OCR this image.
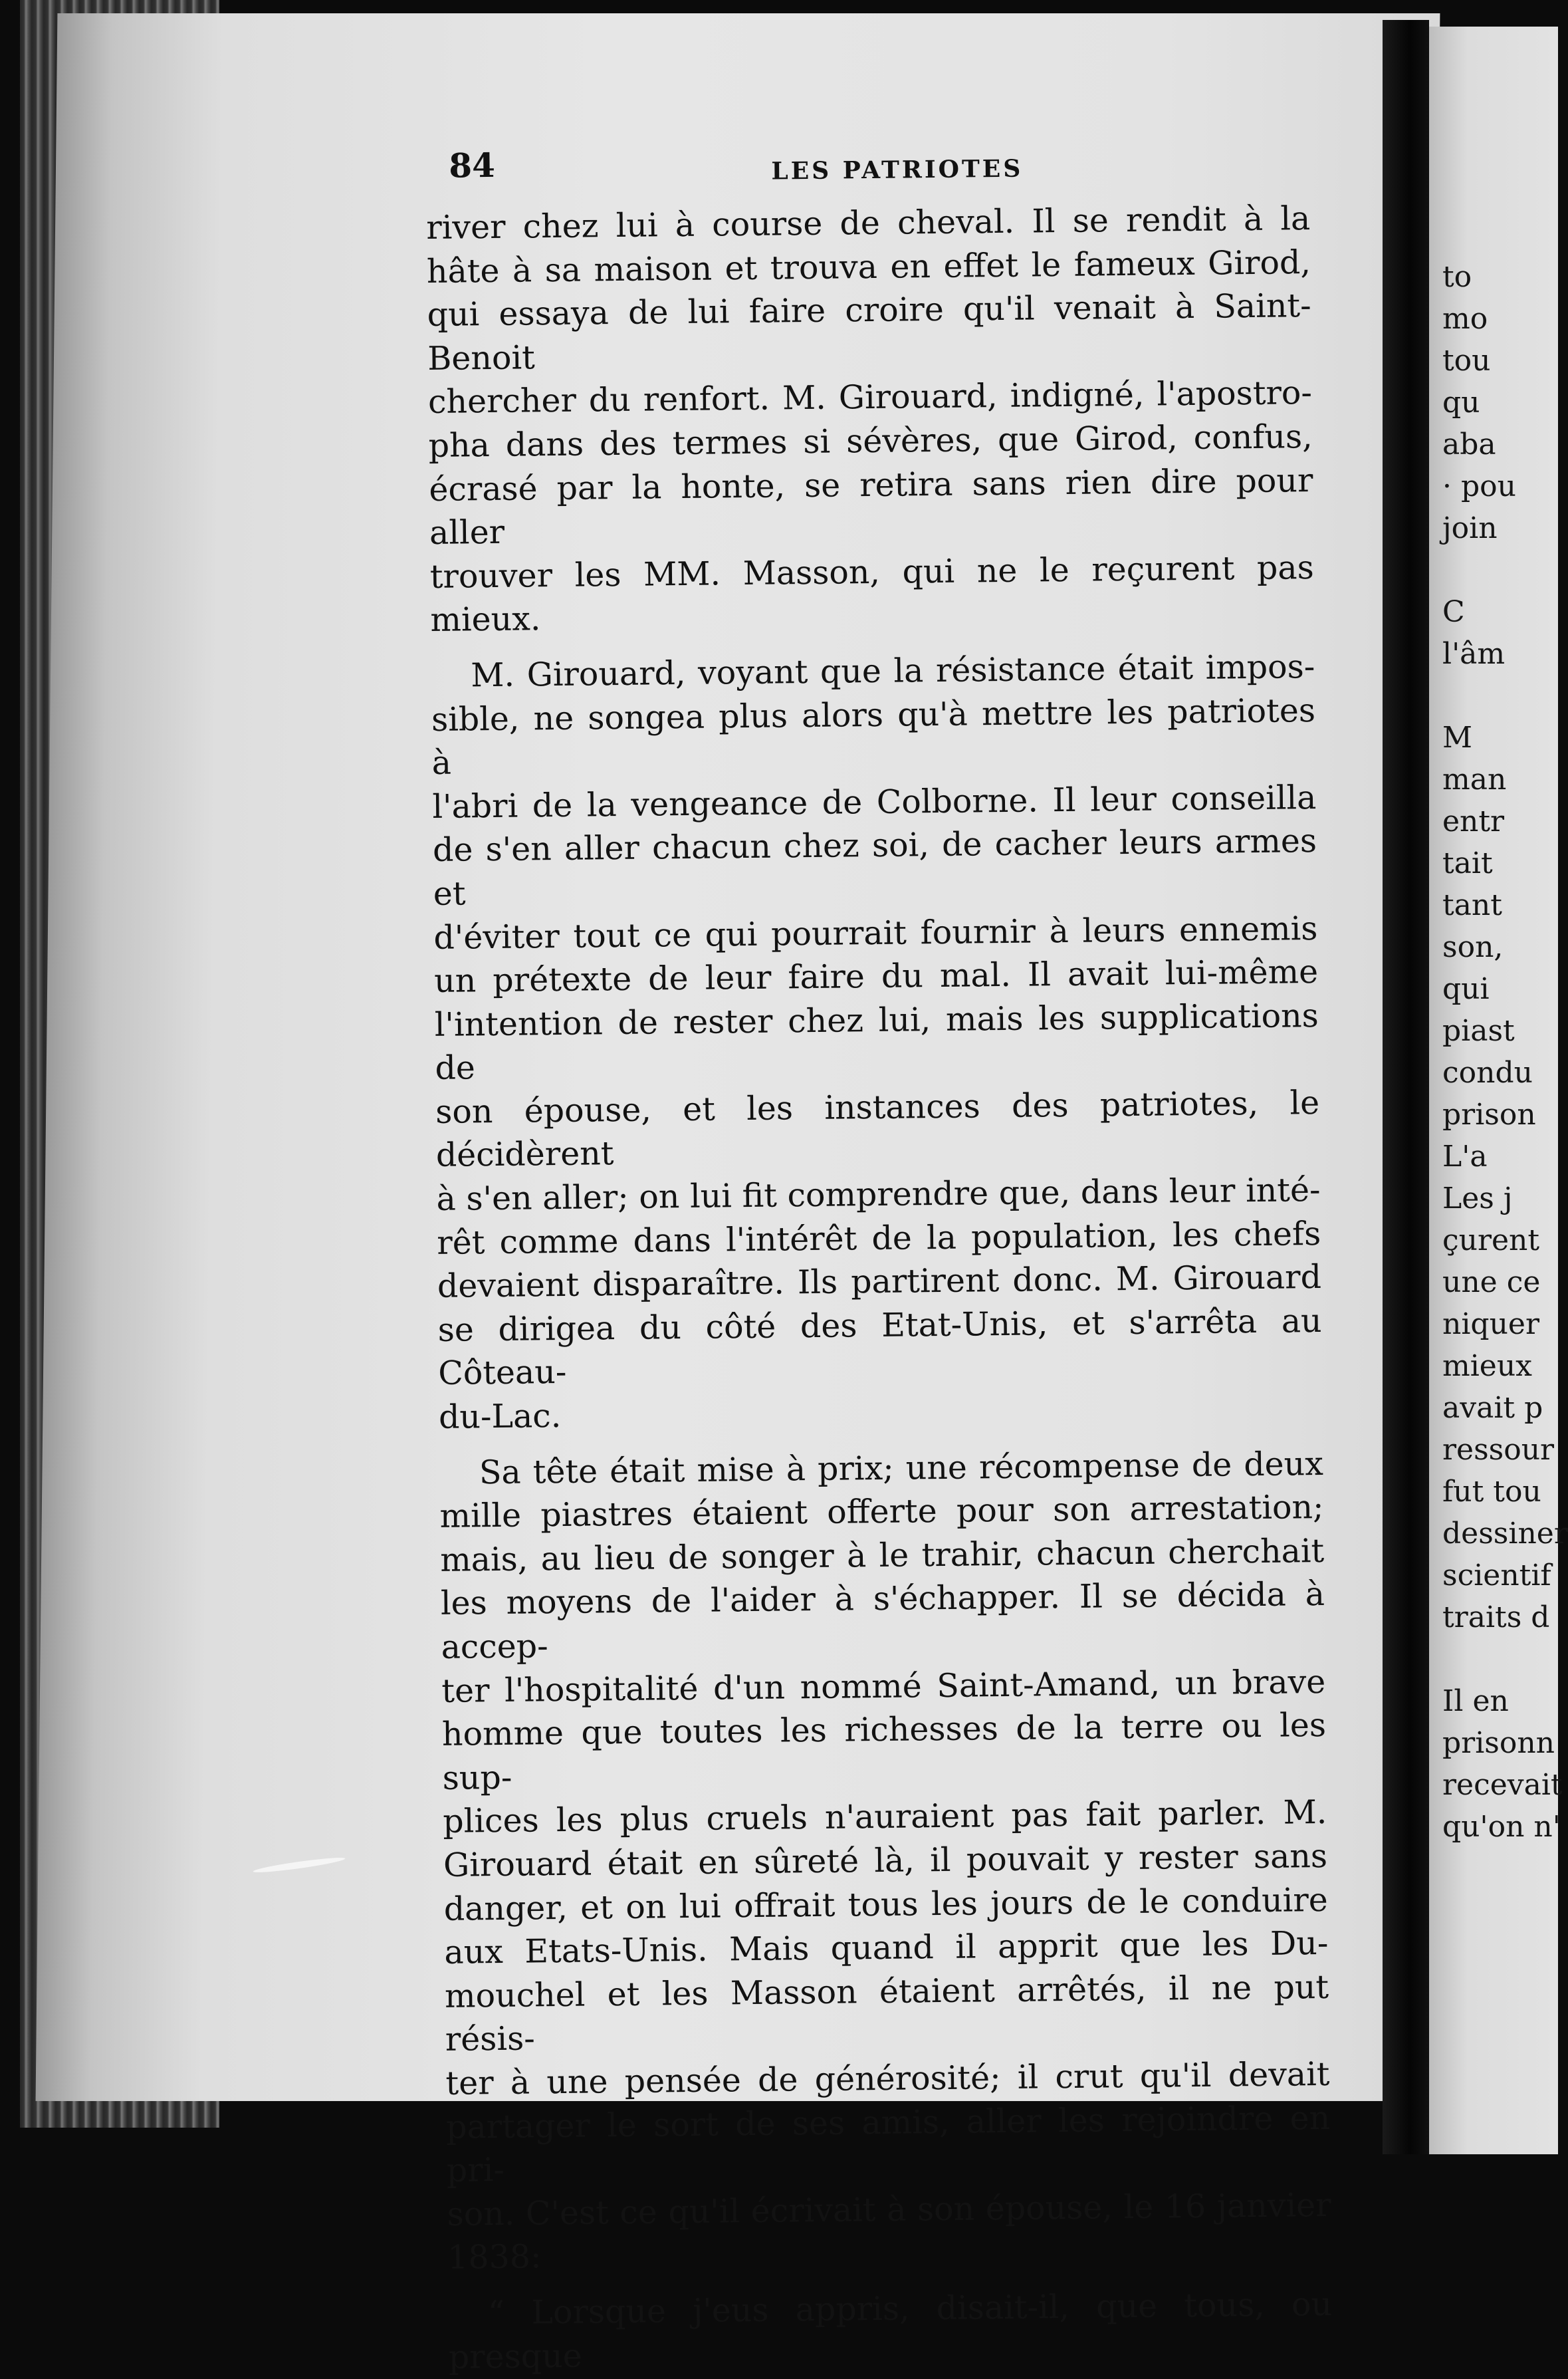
84	LES PATRIOTES

river chez lui à course de cheval. Il se rendit à la
hâte à sa maison et trouva en effet le fameux Girod,
qui essaya de lui faire croire qu'il venait à Saint-Benoit
chercher du renfort. M. Girouard, indigné, l'apostro-
pha dans des termes si sévères, que Girod, confus,
écrasé par la honte, se retira sans rien dire pour aller
trouver les MM. Masson, qui ne le reçurent pas mieux.

M. Girouard, voyant que la résistance était impos-
sible, ne songea plus alors qu'à mettre les patriotes à
l'abri de la vengeance de Colborne. Il leur conseilla
de s'en aller chacun chez soi, de cacher leurs armes et
d'éviter tout ce qui pourrait fournir à leurs ennemis
un prétexte de leur faire du mal. Il avait lui-même
l'intention de rester chez lui, mais les supplications de
son épouse, et les instances des patriotes, le décidèrent
à s'en aller; on lui fit comprendre que, dans leur inté-
rêt comme dans l'intérêt de la population, les chefs
devaient disparaître. Ils partirent donc. M. Girouard
se dirigea du côté des Etat-Unis, et s'arrêta au Côteau-
du-Lac.

Sa tête était mise à prix; une récompense de deux
mille piastres étaient offerte pour son arrestation;
mais, au lieu de songer à le trahir, chacun cherchait
les moyens de l'aider à s'échapper. Il se décida à accep-
ter l'hospitalité d'un nommé Saint-Amand, un brave
homme que toutes les richesses de la terre ou les sup-
plices les plus cruels n'auraient pas fait parler. M.
Girouard était en sûreté là, il pouvait y rester sans
danger, et on lui offrait tous les jours de le conduire
aux Etats-Unis. Mais quand il apprit que les Du-
mouchel et les Masson étaient arrêtés, il ne put résis-
ter à une pensée de générosité; il crut qu'il devait
partager le sort de ses amis, aller les rejoindre en pri-
son. C'est ce qu'il écrivait à son épouse, le 16 janvier
1838:

“ Lorsque j'eus appris, disait-il, que tous, ou presque

to
mo
tou
qu
aba
· pou
join

C
l'âm

M
man
entr
tait
tant
son,
qui
piast
condu
prison
L'a
Les j
çurent
une ce
niquer
mieux
avait p
ressour
fut tou
dessiner
scientif
traits d

Il en
prisonn
recevait
qu'on n'
